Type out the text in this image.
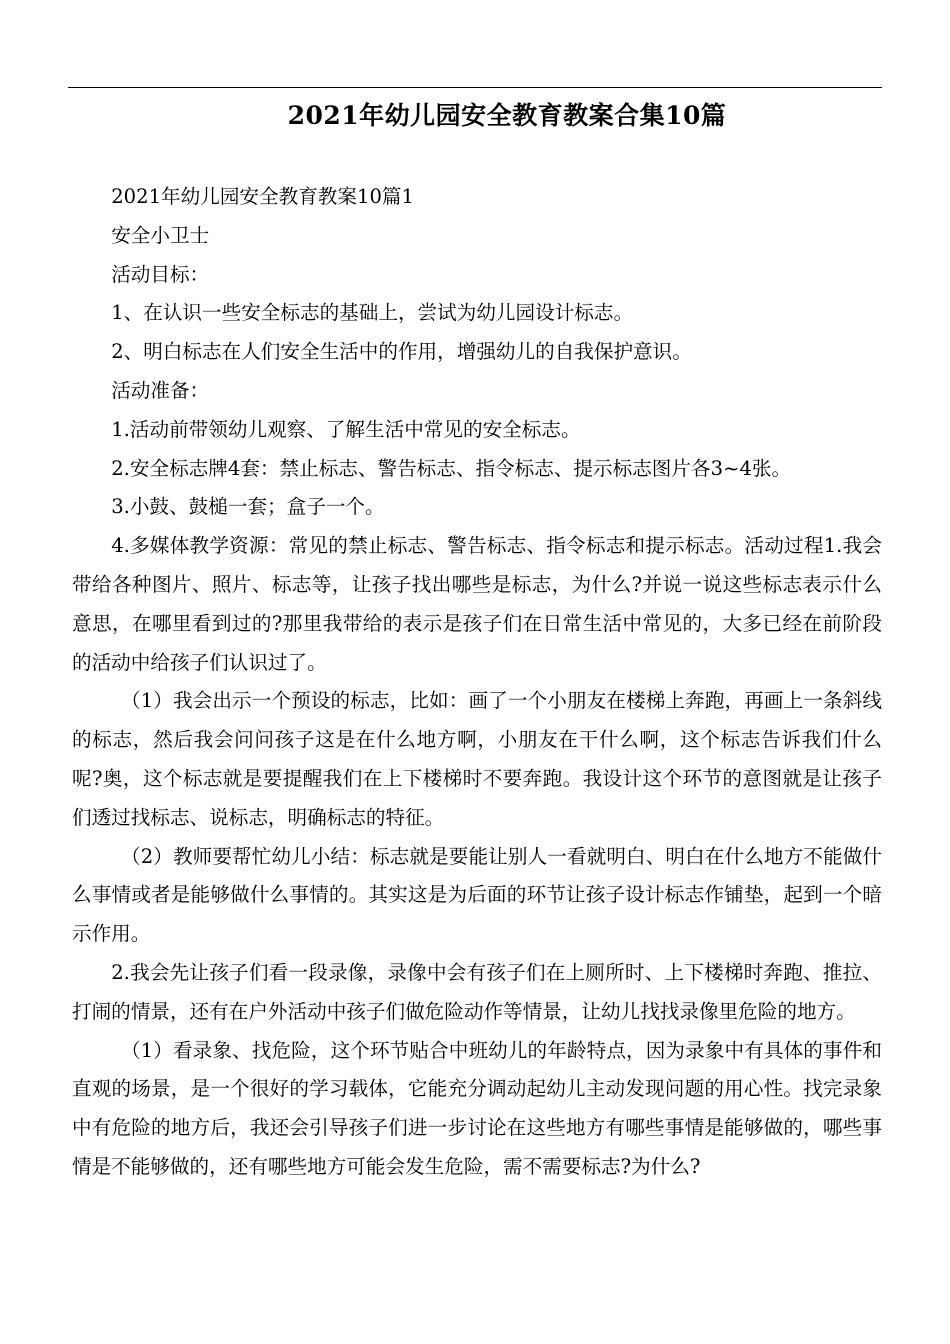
2021年幼儿园安全教育教案合集10篇

2021年幼儿园安全教育教案10篇1

安全小卫士

活动目标：

1、在认识一些安全标志的基础上，尝试为幼儿园设计标志。

2、明白标志在人们安全生活中的作用，增强幼儿的自我保护意识。

活动准备：

1.活动前带领幼儿观察、了解生活中常见的安全标志。

2.安全标志牌4套：禁止标志、警告标志、指令标志、提示标志图片各3~4张。

3.小鼓、鼓槌一套；盒子一个。

4.多媒体教学资源：常见的禁止标志、警告标志、指令标志和提示标志。活动过程1.我会带给各种图片、照片、标志等，让孩子找出哪些是标志，为什么?并说一说这些标志表示什么意思，在哪里看到过的?那里我带给的表示是孩子们在日常生活中常见的，大多已经在前阶段的活动中给孩子们认识过了。

（1）我会出示一个预设的标志，比如：画了一个小朋友在楼梯上奔跑，再画上一条斜线的标志，然后我会问问孩子这是在什么地方啊，小朋友在干什么啊，这个标志告诉我们什么呢?奥，这个标志就是要提醒我们在上下楼梯时不要奔跑。我设计这个环节的意图就是让孩子们透过找标志、说标志，明确标志的特征。

（2）教师要帮忙幼儿小结：标志就是要能让别人一看就明白、明白在什么地方不能做什么事情或者是能够做什么事情的。其实这是为后面的环节让孩子设计标志作铺垫，起到一个暗示作用。

2.我会先让孩子们看一段录像，录像中会有孩子们在上厕所时、上下楼梯时奔跑、推拉、打闹的情景，还有在户外活动中孩子们做危险动作等情景，让幼儿找找录像里危险的地方。

（1）看录象、找危险，这个环节贴合中班幼儿的年龄特点，因为录象中有具体的事件和直观的场景，是一个很好的学习载体，它能充分调动起幼儿主动发现问题的用心性。找完录象中有危险的地方后，我还会引导孩子们进一步讨论在这些地方有哪些事情是能够做的，哪些事情是不能够做的，还有哪些地方可能会发生危险，需不需要标志?为什么?
